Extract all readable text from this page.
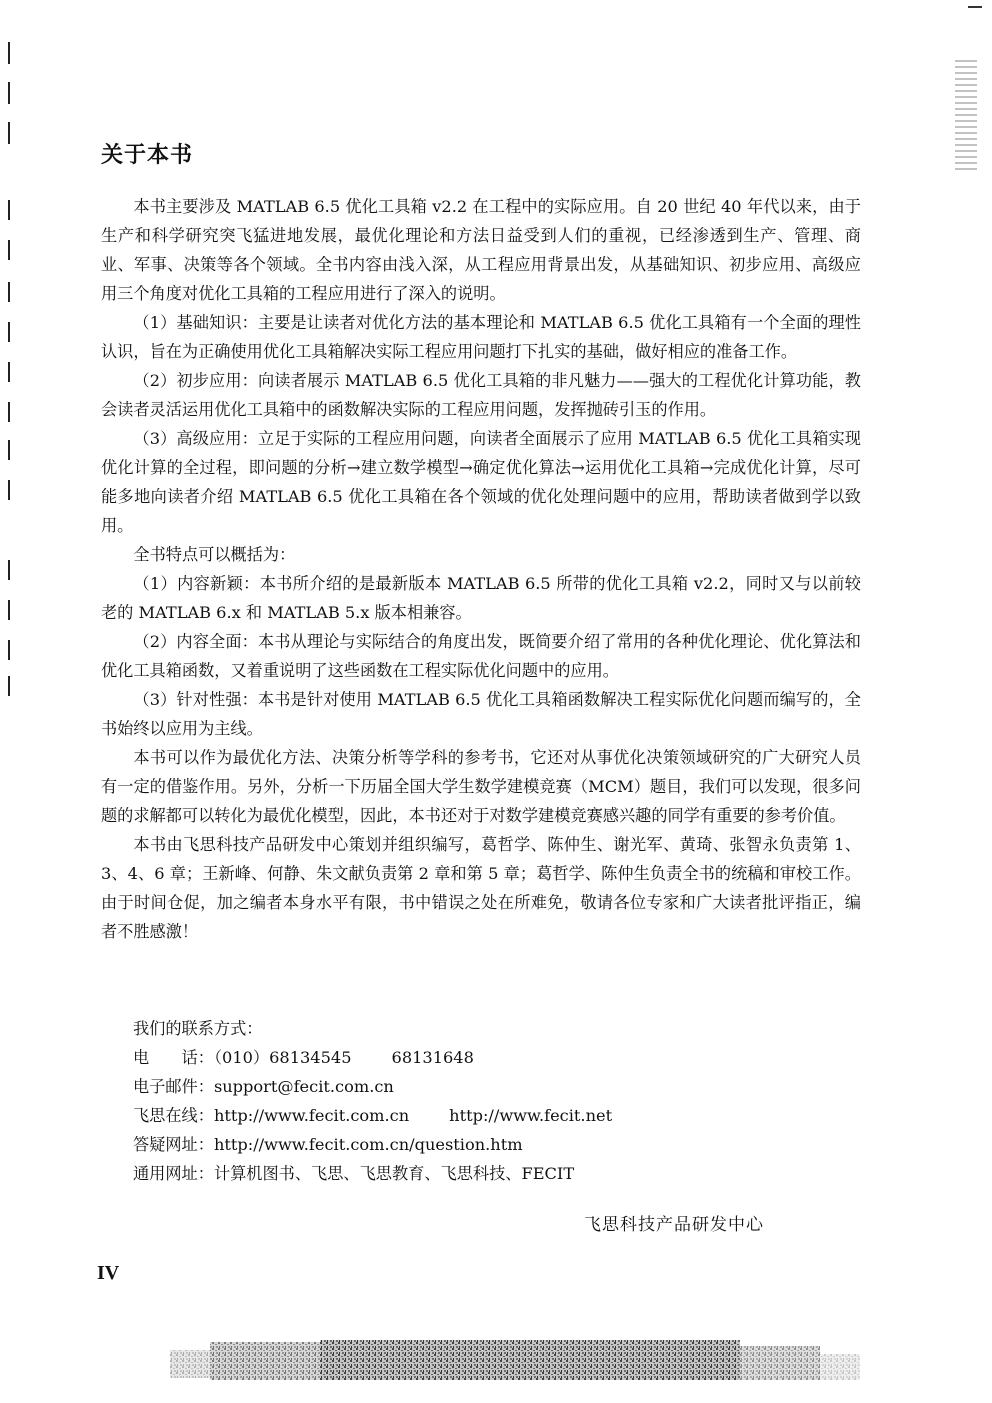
关于本书

本书主要涉及 MATLAB 6.5 优化工具箱 v2.2 在工程中的实际应用。自 20 世纪 40 年代以来，由于生产和科学研究突飞猛进地发展，最优化理论和方法日益受到人们的重视，已经渗透到生产、管理、商业、军事、决策等各个领域。全书内容由浅入深，从工程应用背景出发，从基础知识、初步应用、高级应用三个角度对优化工具箱的工程应用进行了深入的说明。

（1）基础知识：主要是让读者对优化方法的基本理论和 MATLAB 6.5 优化工具箱有一个全面的理性认识，旨在为正确使用优化工具箱解决实际工程应用问题打下扎实的基础，做好相应的准备工作。

（2）初步应用：向读者展示 MATLAB 6.5 优化工具箱的非凡魅力——强大的工程优化计算功能，教会读者灵活运用优化工具箱中的函数解决实际的工程应用问题，发挥抛砖引玉的作用。

（3）高级应用：立足于实际的工程应用问题，向读者全面展示了应用 MATLAB 6.5 优化工具箱实现优化计算的全过程，即问题的分析→建立数学模型→确定优化算法→运用优化工具箱→完成优化计算，尽可能多地向读者介绍 MATLAB 6.5 优化工具箱在各个领域的优化处理问题中的应用，帮助读者做到学以致用。

全书特点可以概括为：

（1）内容新颖：本书所介绍的是最新版本 MATLAB 6.5 所带的优化工具箱 v2.2，同时又与以前较老的 MATLAB 6.x 和 MATLAB 5.x 版本相兼容。

（2）内容全面：本书从理论与实际结合的角度出发，既简要介绍了常用的各种优化理论、优化算法和优化工具箱函数，又着重说明了这些函数在工程实际优化问题中的应用。

（3）针对性强：本书是针对使用 MATLAB 6.5 优化工具箱函数解决工程实际优化问题而编写的，全书始终以应用为主线。

本书可以作为最优化方法、决策分析等学科的参考书，它还对从事优化决策领域研究的广大研究人员有一定的借鉴作用。另外，分析一下历届全国大学生数学建模竞赛（MCM）题目，我们可以发现，很多问题的求解都可以转化为最优化模型，因此，本书还对于对数学建模竞赛感兴趣的同学有重要的参考价值。

本书由飞思科技产品研发中心策划并组织编写，葛哲学、陈仲生、谢光军、黄琦、张智永负责第 1、3、4、6 章；王新峰、何静、朱文献负责第 2 章和第 5 章；葛哲学、陈仲生负责全书的统稿和审校工作。由于时间仓促，加之编者本身水平有限，书中错误之处在所难免，敬请各位专家和广大读者批评指正，编者不胜感激！

我们的联系方式：
电　　话：（010）68134545 68131648
电子邮件：support@fecit.com.cn
飞思在线：http://www.fecit.com.cn http://www.fecit.net
答疑网址：http://www.fecit.com.cn/question.htm
通用网址：计算机图书、飞思、飞思教育、飞思科技、FECIT
飞思科技产品研发中心
IV
